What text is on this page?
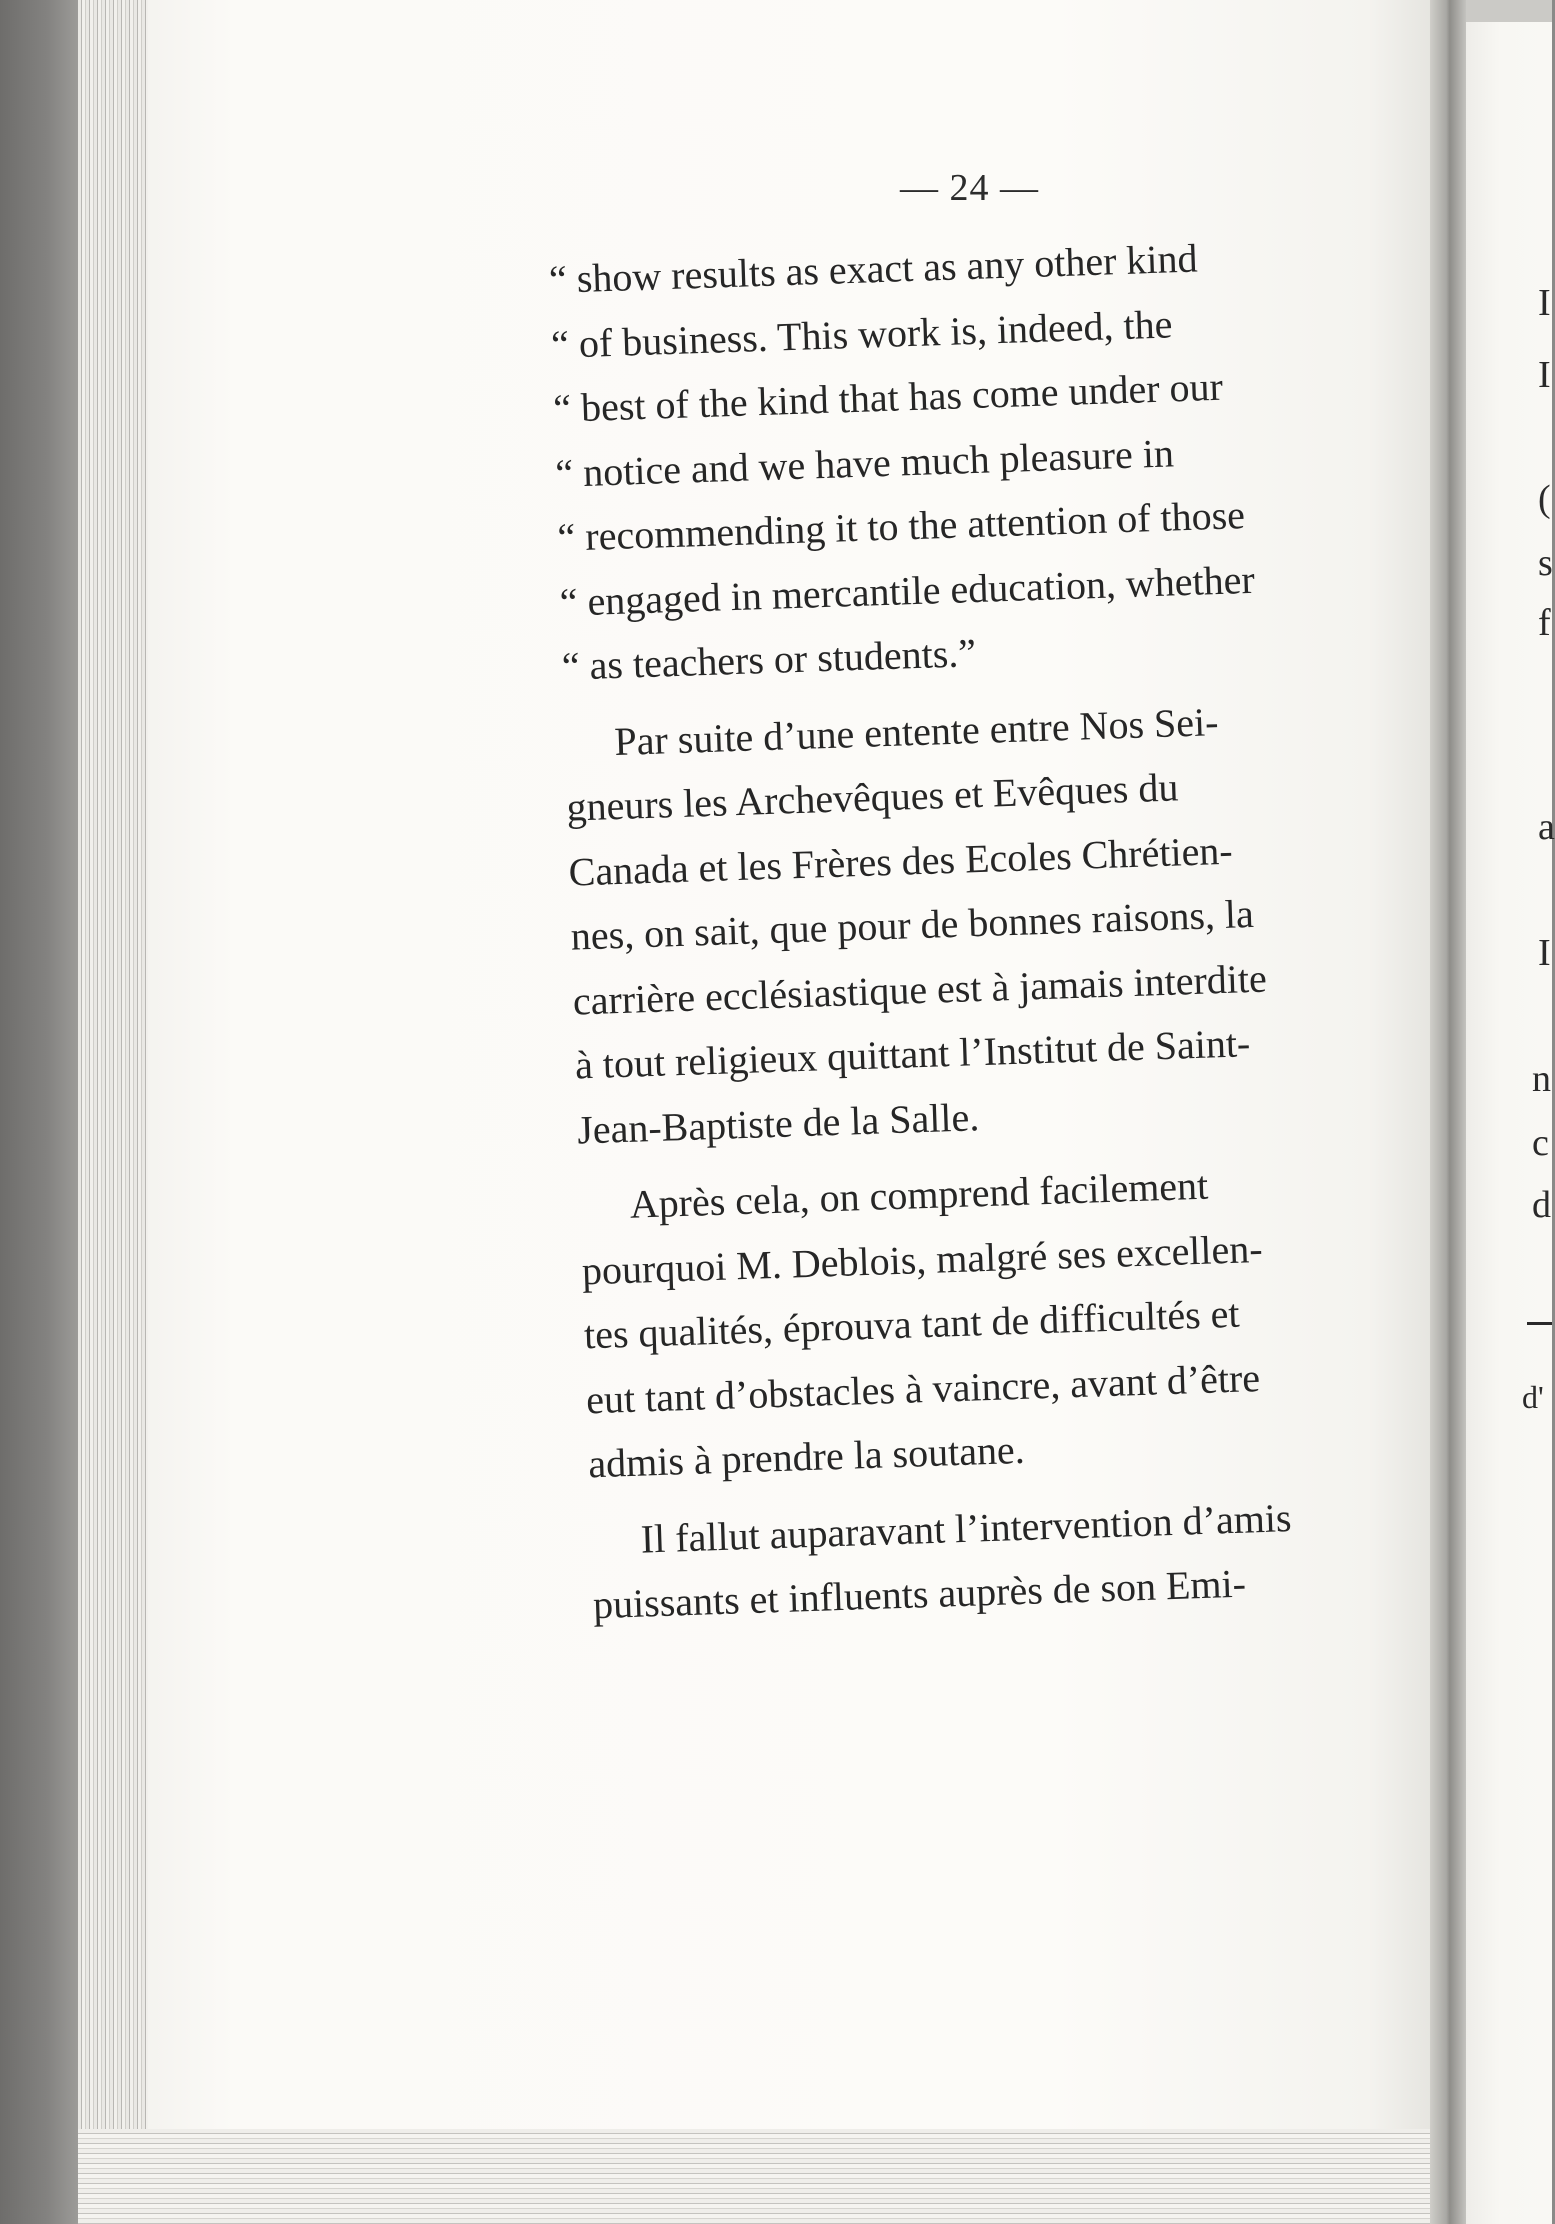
I
I
(
s
f
a
I
n
c
d
d'
— 24 —
“ show results as exact as any other kind
“ of business. This work is, indeed, the
“ best of the kind that has come under our
“ notice and we have much pleasure in
“ recommending it to the attention of those
“ engaged in mercantile education, whether
“ as teachers or students.”
Par suite d’une entente entre Nos Sei-
gneurs les Archevêques et Evêques du
Canada et les Frères des Ecoles Chrétien-
nes, on sait, que pour de bonnes raisons, la
carrière ecclésiastique est à jamais interdite
à tout religieux quittant l’Institut de Saint-
Jean-Baptiste de la Salle.
Après cela, on comprend facilement
pourquoi M. Deblois, malgré ses excellen-
tes qualités, éprouva tant de difficultés et
eut tant d’obstacles à vaincre, avant d’être
admis à prendre la soutane.
Il fallut auparavant l’intervention d’amis
puissants et influents auprès de son Emi-
